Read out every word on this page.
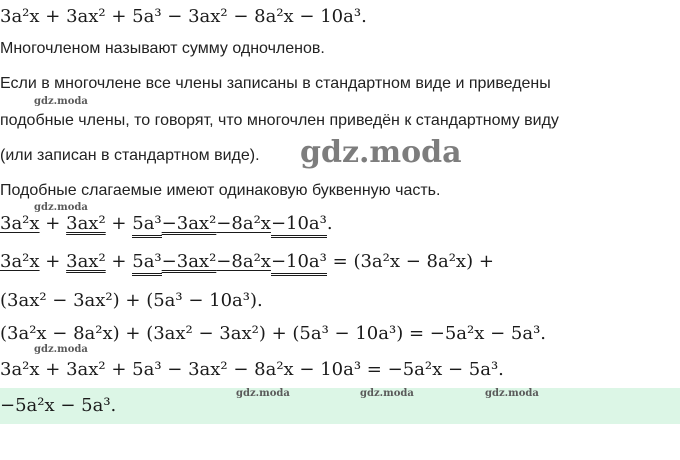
3a²x + 3ax² + 5a³ − 3ax² − 8a²x − 10a³.
Многочленом называют сумму одночленов.
Если в многочлене все члены записаны в стандартном виде и приведены
подобные члены, то говорят, что многочлен приведён к стандартному виду
(или записан в стандартном виде).
Подобные слагаемые имеют одинаковую буквенную часть.
3a²x + 3ax² + 5a³−3ax²−8a²x−10a³.
3a²x + 3ax² + 5a³−3ax²−8a²x−10a³ = (3a²x − 8a²x) +
(3ax² − 3ax²) + (5a³ − 10a³).
(3a²x − 8a²x) + (3ax² − 3ax²) + (5a³ − 10a³) = −5a²x − 5a³.
3a²x + 3ax² + 5a³ − 3ax² − 8a²x − 10a³ = −5a²x − 5a³.
−5a²x − 5a³.
gdz.moda
gdz.moda
gdz.moda
gdz.moda
gdz.moda	gdz.moda	gdz.moda
